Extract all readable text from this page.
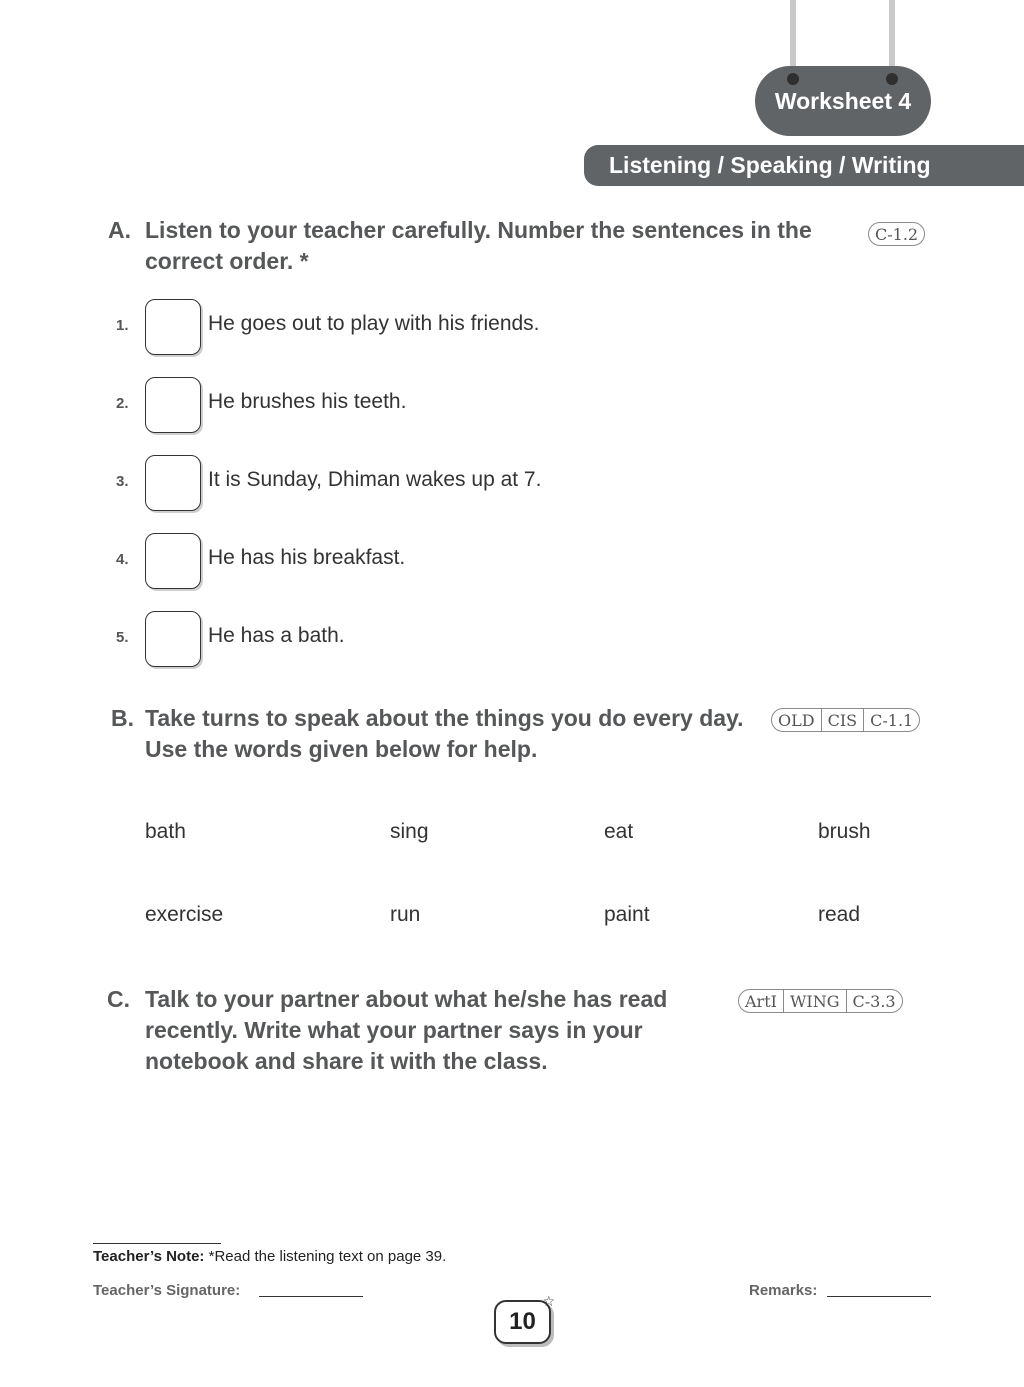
Worksheet 4
Listening / Speaking / Writing
A. Listen to your teacher carefully. Number the sentences in the correct order. *
C-1.2
1.	He goes out to play with his friends.
2.	He brushes his teeth.
3.	It is Sunday, Dhiman wakes up at 7.
4.	He has his breakfast.
5.	He has a bath.
B. Take turns to speak about the things you do every day. Use the words given below for help.
OLD CIS C-1.1
bath	sing	eat	brush
exercise	run	paint	read
C. Talk to your partner about what he/she has read recently. Write what your partner says in your notebook and share it with the class.
ArtI WING C-3.3
Teacher’s Note: *Read the listening text on page 39.
Teacher’s Signature:	Remarks:
10
☆
